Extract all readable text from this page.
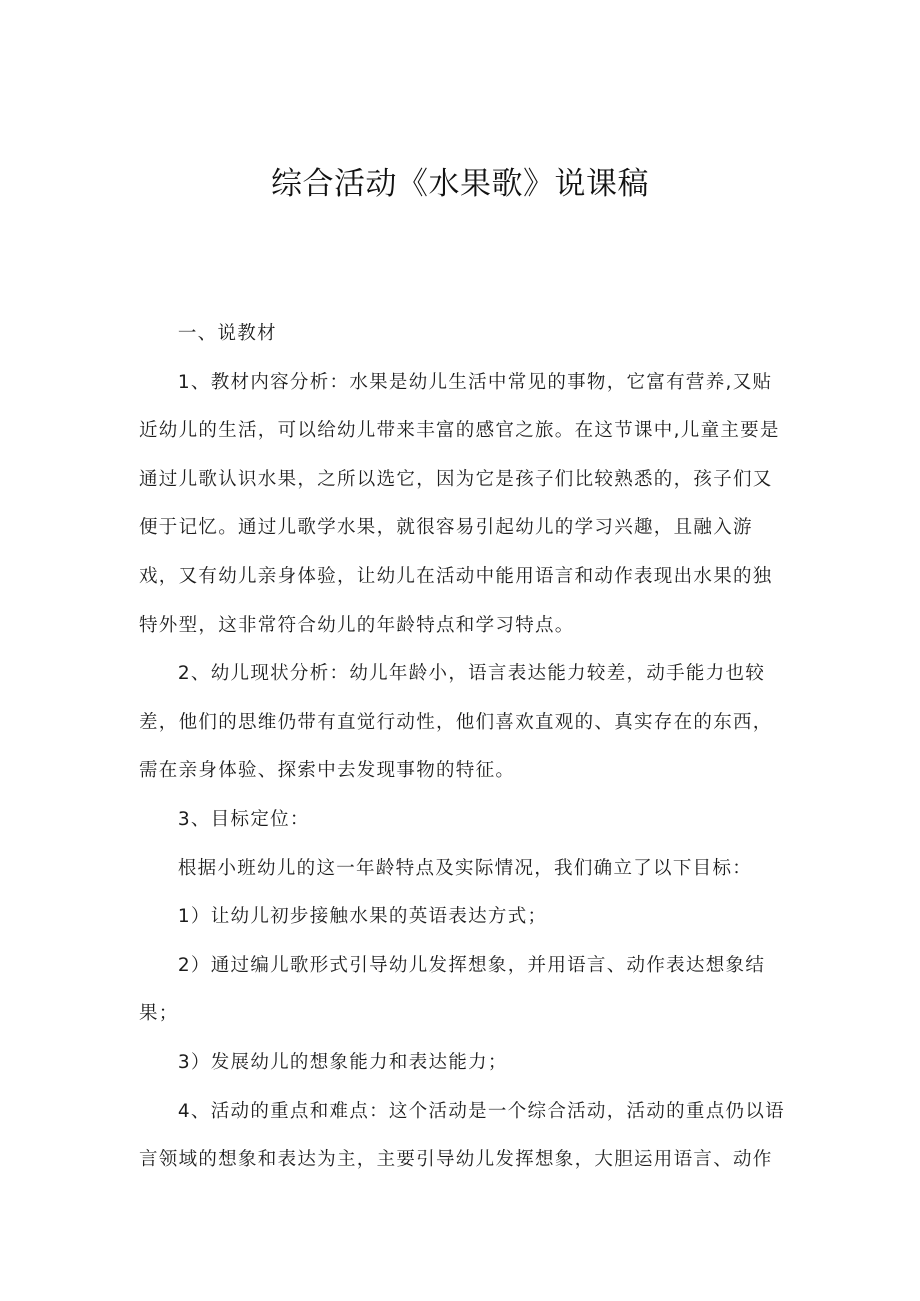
综合活动《水果歌》说课稿

一、说教材

1、教材内容分析：水果是幼儿生活中常见的事物，它富有营养,又贴近幼儿的生活，可以给幼儿带来丰富的感官之旅。在这节课中,儿童主要是通过儿歌认识水果，之所以选它，因为它是孩子们比较熟悉的，孩子们又便于记忆。通过儿歌学水果，就很容易引起幼儿的学习兴趣，且融入游戏，又有幼儿亲身体验，让幼儿在活动中能用语言和动作表现出水果的独特外型，这非常符合幼儿的年龄特点和学习特点。

2、幼儿现状分析：幼儿年龄小，语言表达能力较差，动手能力也较差，他们的思维仍带有直觉行动性，他们喜欢直观的、真实存在的东西，需在亲身体验、探索中去发现事物的特征。

3、目标定位：

根据小班幼儿的这一年龄特点及实际情况，我们确立了以下目标：

1）让幼儿初步接触水果的英语表达方式；

2）通过编儿歌形式引导幼儿发挥想象，并用语言、动作表达想象结果；

3）发展幼儿的想象能力和表达能力；

4、活动的重点和难点：这个活动是一个综合活动，活动的重点仍以语言领域的想象和表达为主，主要引导幼儿发挥想象，大胆运用语言、动作
